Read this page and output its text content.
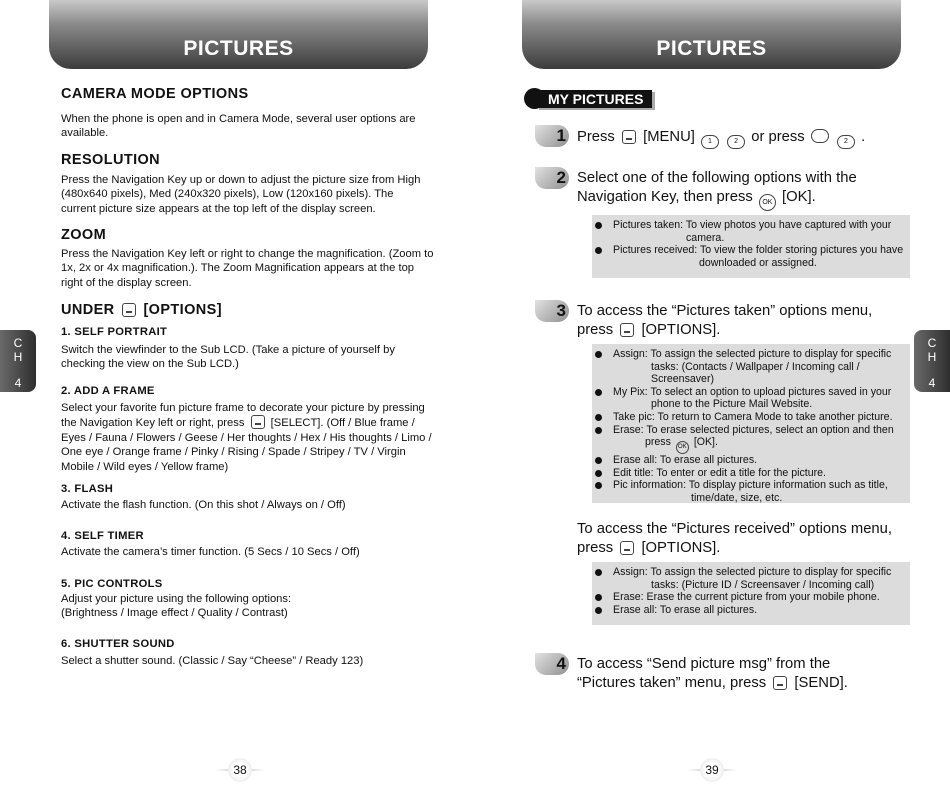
PICTURES
CAMERA MODE OPTIONS
When the phone is open and in Camera Mode, several user options are available.
RESOLUTION
Press the Navigation Key up or down to adjust the picture size from High (480x640 pixels), Med (240x320 pixels), Low (120x160 pixels). The current picture size appears at the top left of the display screen.
ZOOM
Press the Navigation Key left or right to change the magnification. (Zoom to 1x, 2x or 4x magnification.). The Zoom Magnification appears at the top right of the display screen.
UNDER [OPTIONS]
1. SELF PORTRAIT
Switch the viewfinder to the Sub LCD. (Take a picture of yourself by checking the view on the Sub LCD.)
2. ADD A FRAME
Select your favorite fun picture frame to decorate your picture by pressing the Navigation Key left or right, press [SELECT]. (Off / Blue frame / Eyes / Fauna / Flowers / Geese / Her thoughts / Hex / His thoughts / Limo / One eye / Orange frame / Pinky / Rising / Spade / Stripey / TV / Virgin Mobile / Wild eyes / Yellow frame)
3. FLASH
Activate the flash function. (On this shot / Always on / Off)
4. SELF TIMER
Activate the camera’s timer function. (5 Secs / 10 Secs / Off)
5. PIC CONTROLS
Adjust your picture using the following options: (Brightness / Image effect / Quality / Contrast)
6. SHUTTER SOUND
Select a shutter sound. (Classic / Say “Cheese” / Ready 123)
C
H
4
38
PICTURES
MY PICTURES
1 Press [MENU] 1	2 or press	2 .
2 Select one of the following options with the
Navigation Key, then press OK [OK].
Pictures taken: To view photos you have captured with your
camera.
Pictures received: To view the folder storing pictures you have
downloaded or assigned.
3 To access the “Pictures taken” options menu,
press [OPTIONS].
Assign: To assign the selected picture to display for specific
tasks: (Contacts / Wallpaper / Incoming call /
Screensaver)
My Pix: To select an option to upload pictures saved in your
phone to the Picture Mail Website.
Take pic: To return to Camera Mode to take another picture.
Erase: To erase selected pictures, select an option and then
press OK [OK].
Erase all: To erase all pictures.
Edit title: To enter or edit a title for the picture.
Pic information: To display picture information such as title,
time/date, size, etc.
To access the “Pictures received” options menu,
press [OPTIONS].
Assign: To assign the selected picture to display for specific
tasks: (Picture ID / Screensaver / Incoming call)
Erase: Erase the current picture from your mobile phone.
Erase all: To erase all pictures.
4 To access “Send picture msg” from the
“Pictures taken” menu, press [SEND].
C
H
4
39
